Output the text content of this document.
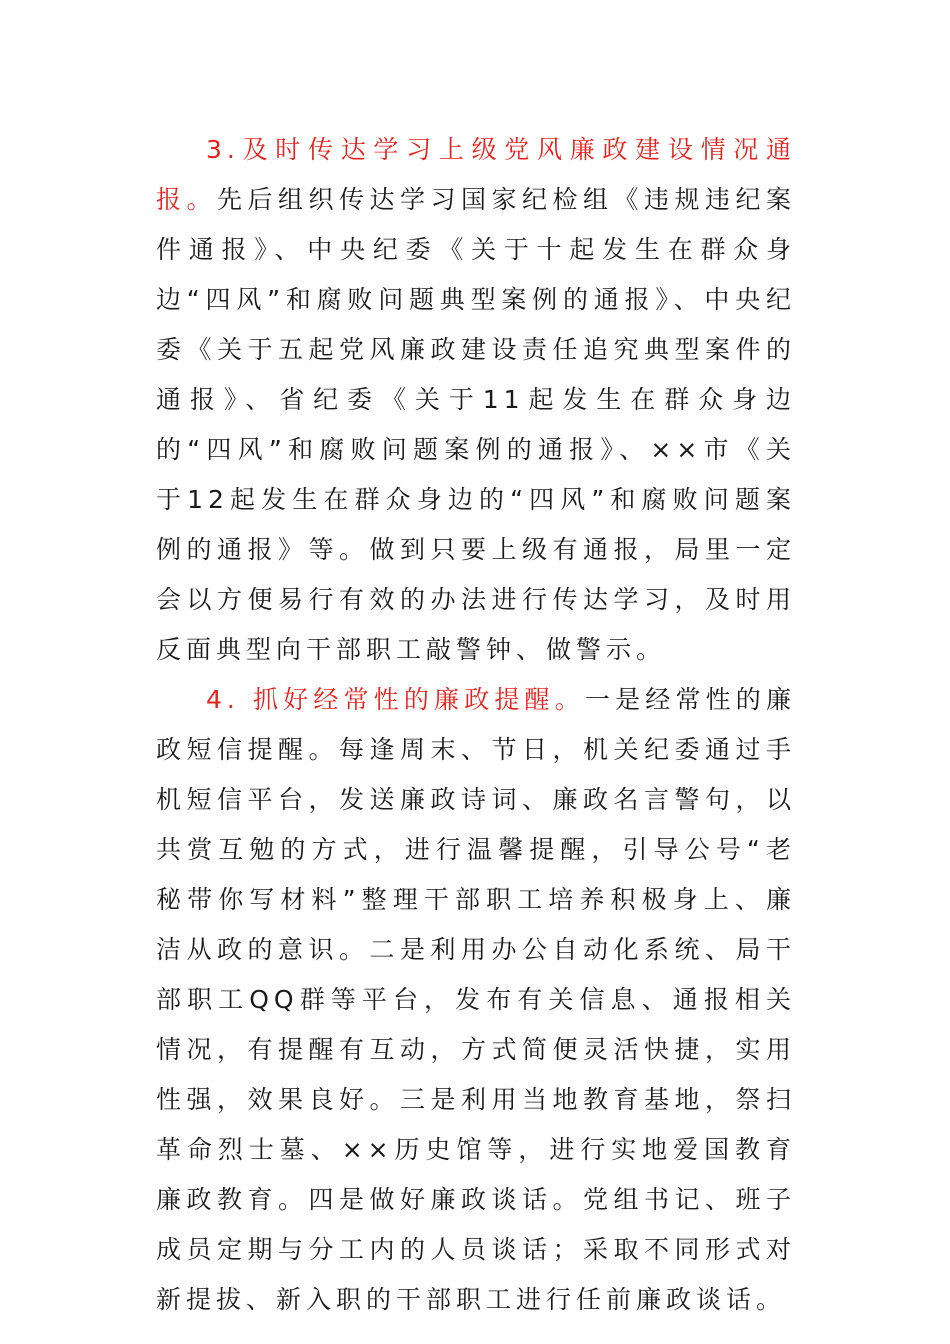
3.及时传达学习上级党风廉政建设情况通报。先后组织传达学习国家纪检组《违规违纪案件通报》、中央纪委《关于十起发生在群众身边“四风”和腐败问题典型案例的通报》、中央纪委《关于五起党风廉政建设责任追究典型案件的通报》、省纪委《关于11起发生在群众身边的“四风”和腐败问题案例的通报》、××市《关于12起发生在群众身边的“四风”和腐败问题案例的通报》等。做到只要上级有通报，局里一定会以方便易行有效的办法进行传达学习，及时用反面典型向干部职工敲警钟、做警示。

4. 抓好经常性的廉政提醒。一是经常性的廉政短信提醒。每逢周末、节日，机关纪委通过手机短信平台，发送廉政诗词、廉政名言警句，以共赏互勉的方式，进行温馨提醒，引导公号“老秘带你写材料”整理干部职工培养积极身上、廉洁从政的意识。二是利用办公自动化系统、局干部职工QQ群等平台，发布有关信息、通报相关情况，有提醒有互动，方式简便灵活快捷，实用性强，效果良好。三是利用当地教育基地，祭扫革命烈士墓、××历史馆等，进行实地爱国教育廉政教育。四是做好廉政谈话。党组书记、班子成员定期与分工内的人员谈话；采取不同形式对新提拔、新入职的干部职工进行任前廉政谈话。
